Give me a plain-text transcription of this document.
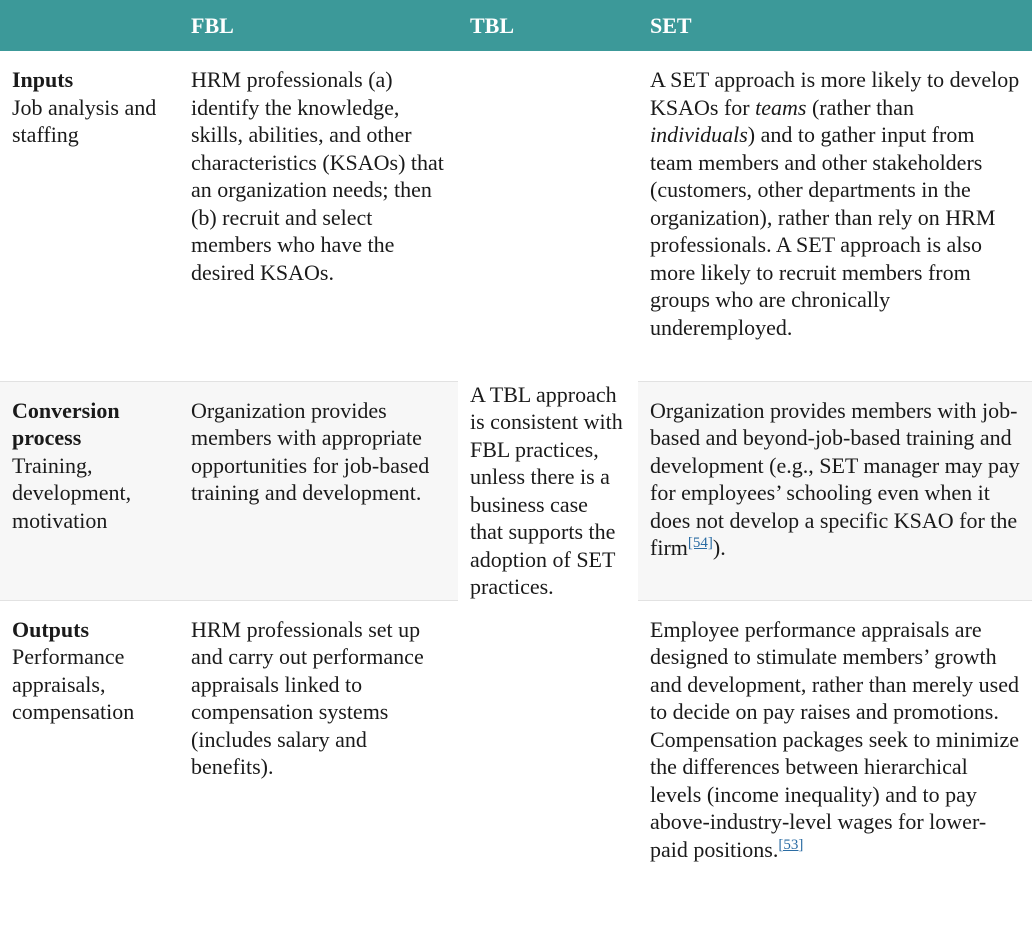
	FBL	TBL	SET

Inputs
Job analysis and staffing	HRM professionals (a) identify the knowledge, skills, abilities, and other characteristics (KSAOs) that an organization needs; then (b) recruit and select members who have the desired KSAOs.	A TBL approach is consistent with FBL practices, unless there is a business case that supports the adoption of SET practices.	A SET approach is more likely to develop KSAOs for teams (rather than individuals) and to gather input from team members and other stakeholders (customers, other departments in the organization), rather than rely on HRM professionals. A SET approach is also more likely to recruit members from groups who are chronically underemployed.

Conversion process
Training, development, motivation	Organization provides members with appropriate opportunities for job-based training and development.		Organization provides members with job-based and beyond-job-based training and development (e.g., SET manager may pay for employees’ schooling even when it does not develop a specific KSAO for the firm[54]).

Outputs
Performance appraisals, compensation	HRM professionals set up and carry out performance appraisals linked to compensation systems (includes salary and benefits).		Employee performance appraisals are designed to stimulate members’ growth and development, rather than merely used to decide on pay raises and promotions. Compensation packages seek to minimize the differences between hierarchical levels (income inequality) and to pay above-industry-level wages for lower-paid positions.[53]
